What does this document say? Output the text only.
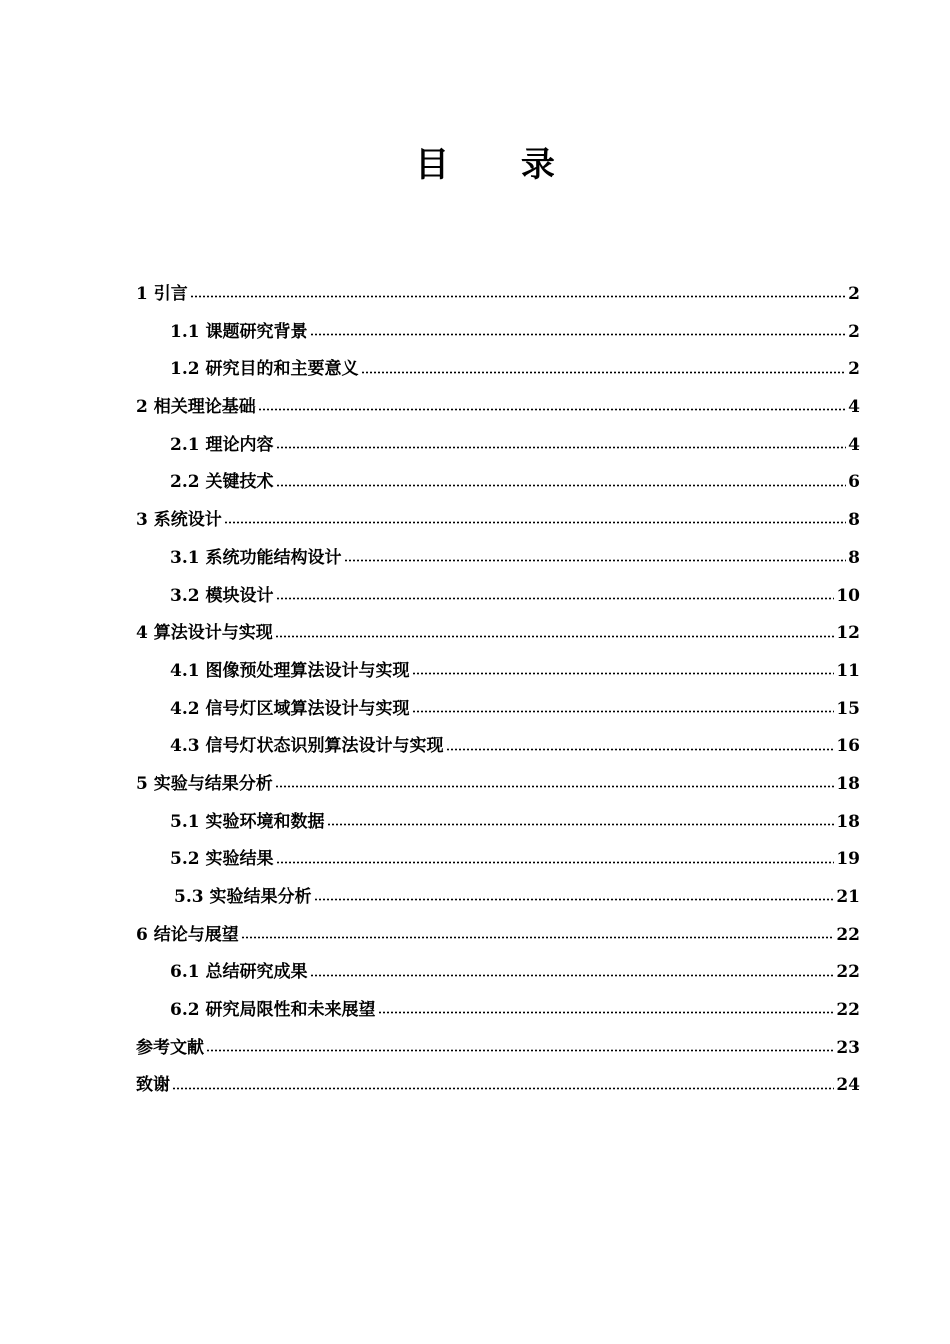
目 录
1 引言	2
1.1 课题研究背景	2
1.2 研究目的和主要意义	2
2 相关理论基础	4
2.1 理论内容	4
2.2 关键技术	6
3 系统设计	8
3.1 系统功能结构设计	8
3.2 模块设计	10
4 算法设计与实现	12
4.1 图像预处理算法设计与实现	11
4.2 信号灯区域算法设计与实现	15
4.3 信号灯状态识别算法设计与实现	16
5 实验与结果分析	18
5.1 实验环境和数据	18
5.2 实验结果	19
5.3 实验结果分析	21
6 结论与展望	22
6.1 总结研究成果	22
6.2 研究局限性和未来展望	22
参考文献	23
致谢	24
